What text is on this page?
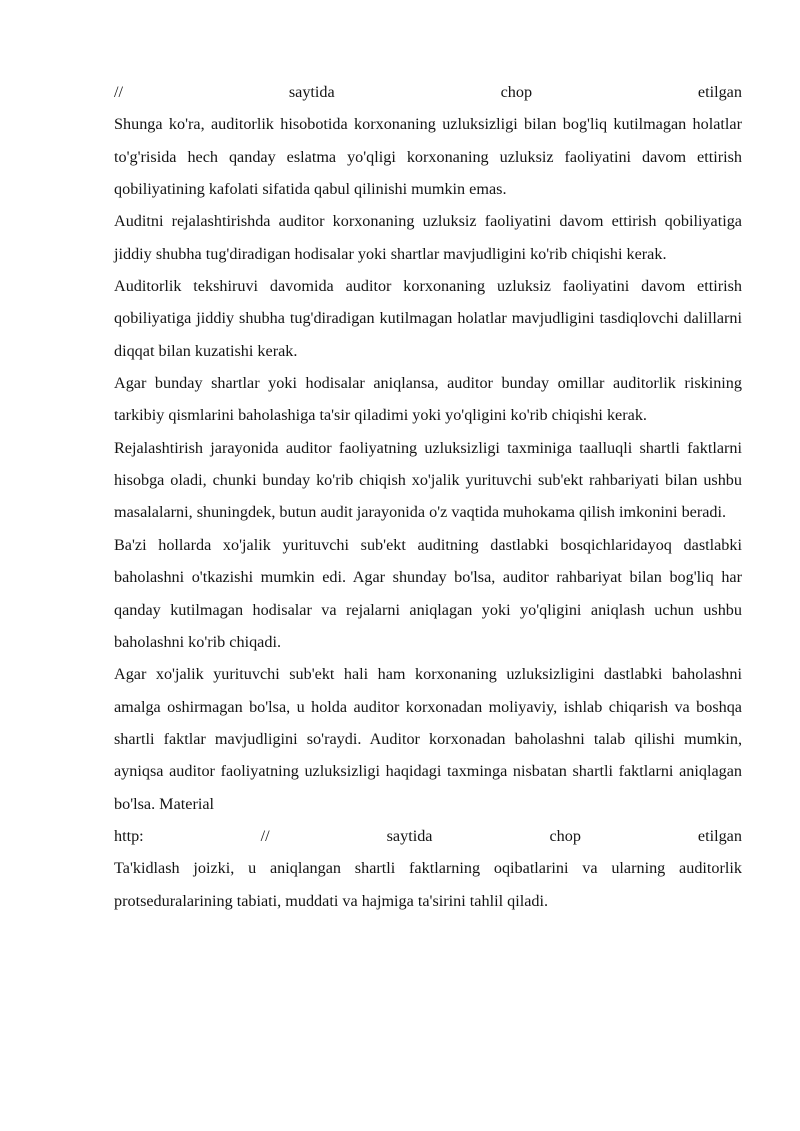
//	saytida	chop	etilgan

Shunga ko'ra, auditorlik hisobotida korxonaning uzluksizligi bilan bog'liq kutilmagan holatlar to'g'risida hech qanday eslatma yo'qligi korxonaning uzluksiz faoliyatini davom ettirish qobiliyatining kafolati sifatida qabul qilinishi mumkin emas.

Auditni rejalashtirishda auditor korxonaning uzluksiz faoliyatini davom ettirish qobiliyatiga jiddiy shubha tug'diradigan hodisalar yoki shartlar mavjudligini ko'rib chiqishi kerak.

Auditorlik tekshiruvi davomida auditor korxonaning uzluksiz faoliyatini davom ettirish qobiliyatiga jiddiy shubha tug'diradigan kutilmagan holatlar mavjudligini tasdiqlovchi dalillarni diqqat bilan kuzatishi kerak.

Agar bunday shartlar yoki hodisalar aniqlansa, auditor bunday omillar auditorlik riskining tarkibiy qismlarini baholashiga ta'sir qiladimi yoki yo'qligini ko'rib chiqishi kerak.

Rejalashtirish jarayonida auditor faoliyatning uzluksizligi taxminiga taalluqli shartli faktlarni hisobga oladi, chunki bunday ko'rib chiqish xo'jalik yurituvchi sub'ekt rahbariyati bilan ushbu masalalarni, shuningdek, butun audit jarayonida o'z vaqtida muhokama qilish imkonini beradi.

Ba'zi hollarda xo'jalik yurituvchi sub'ekt auditning dastlabki bosqichlaridayoq dastlabki baholashni o'tkazishi mumkin edi. Agar shunday bo'lsa, auditor rahbariyat bilan bog'liq har qanday kutilmagan hodisalar va rejalarni aniqlagan yoki yo'qligini aniqlash uchun ushbu baholashni ko'rib chiqadi.

Agar xo'jalik yurituvchi sub'ekt hali ham korxonaning uzluksizligini dastlabki baholashni amalga oshirmagan bo'lsa, u holda auditor korxonadan moliyaviy, ishlab chiqarish va boshqa shartli faktlar mavjudligini so'raydi. Auditor korxonadan baholashni talab qilishi mumkin, ayniqsa auditor faoliyatning uzluksizligi haqidagi taxminga nisbatan shartli faktlarni aniqlagan bo'lsa. Material

http:	//	saytida	chop	etilgan

Ta'kidlash joizki, u aniqlangan shartli faktlarning oqibatlarini va ularning auditorlik protseduralarining tabiati, muddati va hajmiga ta'sirini tahlil qiladi.
